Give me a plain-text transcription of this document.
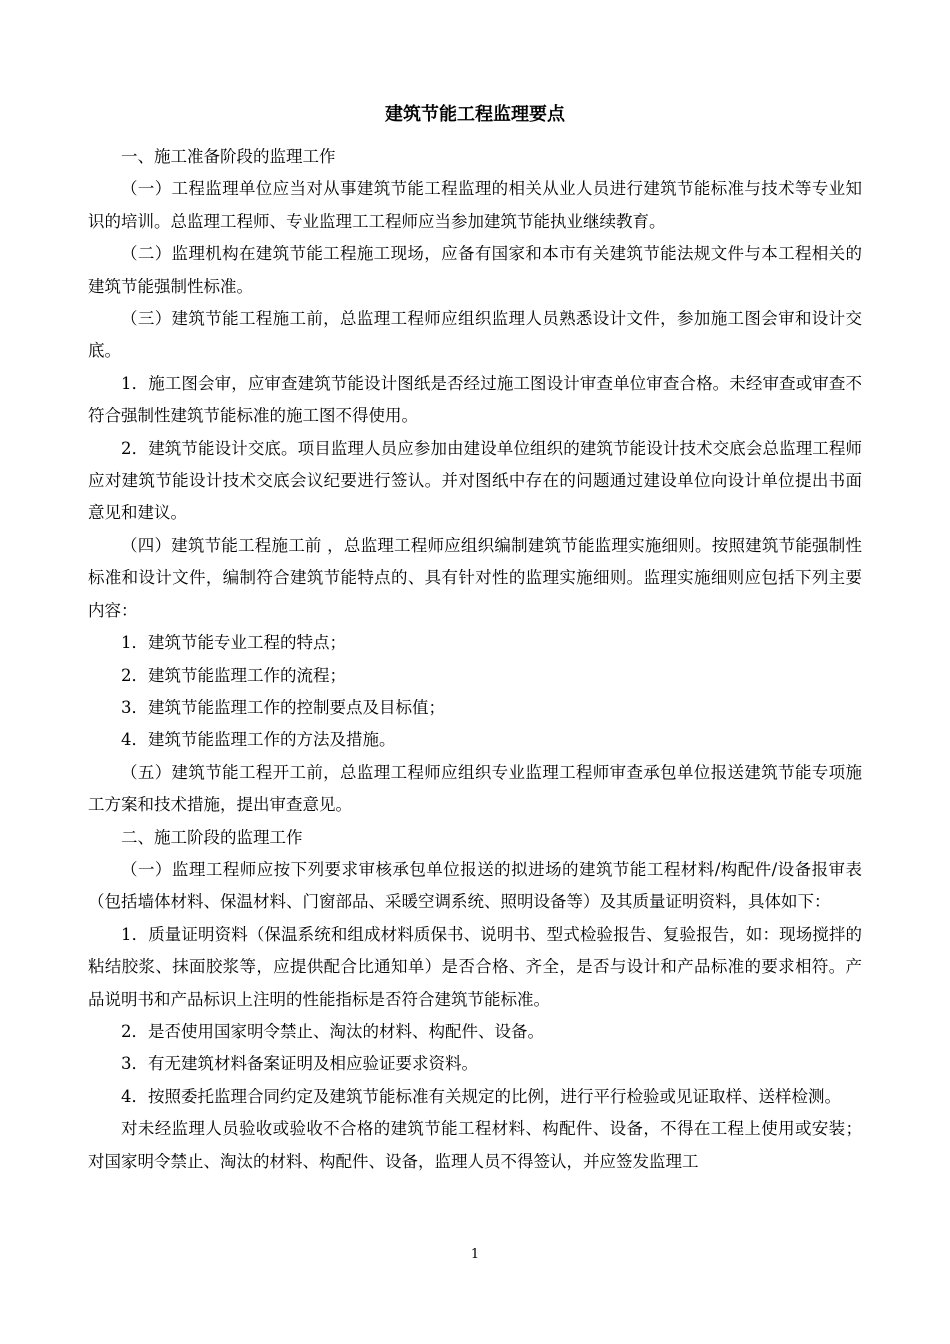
建筑节能工程监理要点

一、施工准备阶段的监理工作

（一）工程监理单位应当对从事建筑节能工程监理的相关从业人员进行建筑节能标准与技术等专业知识的培训。总监理工程师、专业监理工工程师应当参加建筑节能执业继续教育。

（二）监理机构在建筑节能工程施工现场，应备有国家和本市有关建筑节能法规文件与本工程相关的建筑节能强制性标准。

（三）建筑节能工程施工前，总监理工程师应组织监理人员熟悉设计文件，参加施工图会审和设计交底。

1．施工图会审，应审查建筑节能设计图纸是否经过施工图设计审查单位审查合格。未经审查或审查不符合强制性建筑节能标准的施工图不得使用。

2．建筑节能设计交底。项目监理人员应参加由建设单位组织的建筑节能设计技术交底会总监理工程师应对建筑节能设计技术交底会议纪要进行签认。并对图纸中存在的问题通过建设单位向设计单位提出书面意见和建议。

（四）建筑节能工程施工前 ，总监理工程师应组织编制建筑节能监理实施细则。按照建筑节能强制性标准和设计文件，编制符合建筑节能特点的、具有针对性的监理实施细则。监理实施细则应包括下列主要内容：

1．建筑节能专业工程的特点；

2．建筑节能监理工作的流程；

3．建筑节能监理工作的控制要点及目标值；

4．建筑节能监理工作的方法及措施。

（五）建筑节能工程开工前，总监理工程师应组织专业监理工程师审查承包单位报送建筑节能专项施工方案和技术措施，提出审查意见。

二、施工阶段的监理工作

（一）监理工程师应按下列要求审核承包单位报送的拟进场的建筑节能工程材料/构配件/设备报审表（包括墙体材料、保温材料、门窗部品、采暖空调系统、照明设备等）及其质量证明资料，具体如下：

1．质量证明资料（保温系统和组成材料质保书、说明书、型式检验报告、复验报告，如：现场搅拌的粘结胶浆、抹面胶浆等，应提供配合比通知单）是否合格、齐全，是否与设计和产品标准的要求相符。产品说明书和产品标识上注明的性能指标是否符合建筑节能标准。

2．是否使用国家明令禁止、淘汰的材料、构配件、设备。

3．有无建筑材料备案证明及相应验证要求资料。

4．按照委托监理合同约定及建筑节能标准有关规定的比例，进行平行检验或见证取样、送样检测。

对未经监理人员验收或验收不合格的建筑节能工程材料、构配件、设备，不得在工程上使用或安装；对国家明令禁止、淘汰的材料、构配件、设备，监理人员不得签认，并应签发监理工

1
